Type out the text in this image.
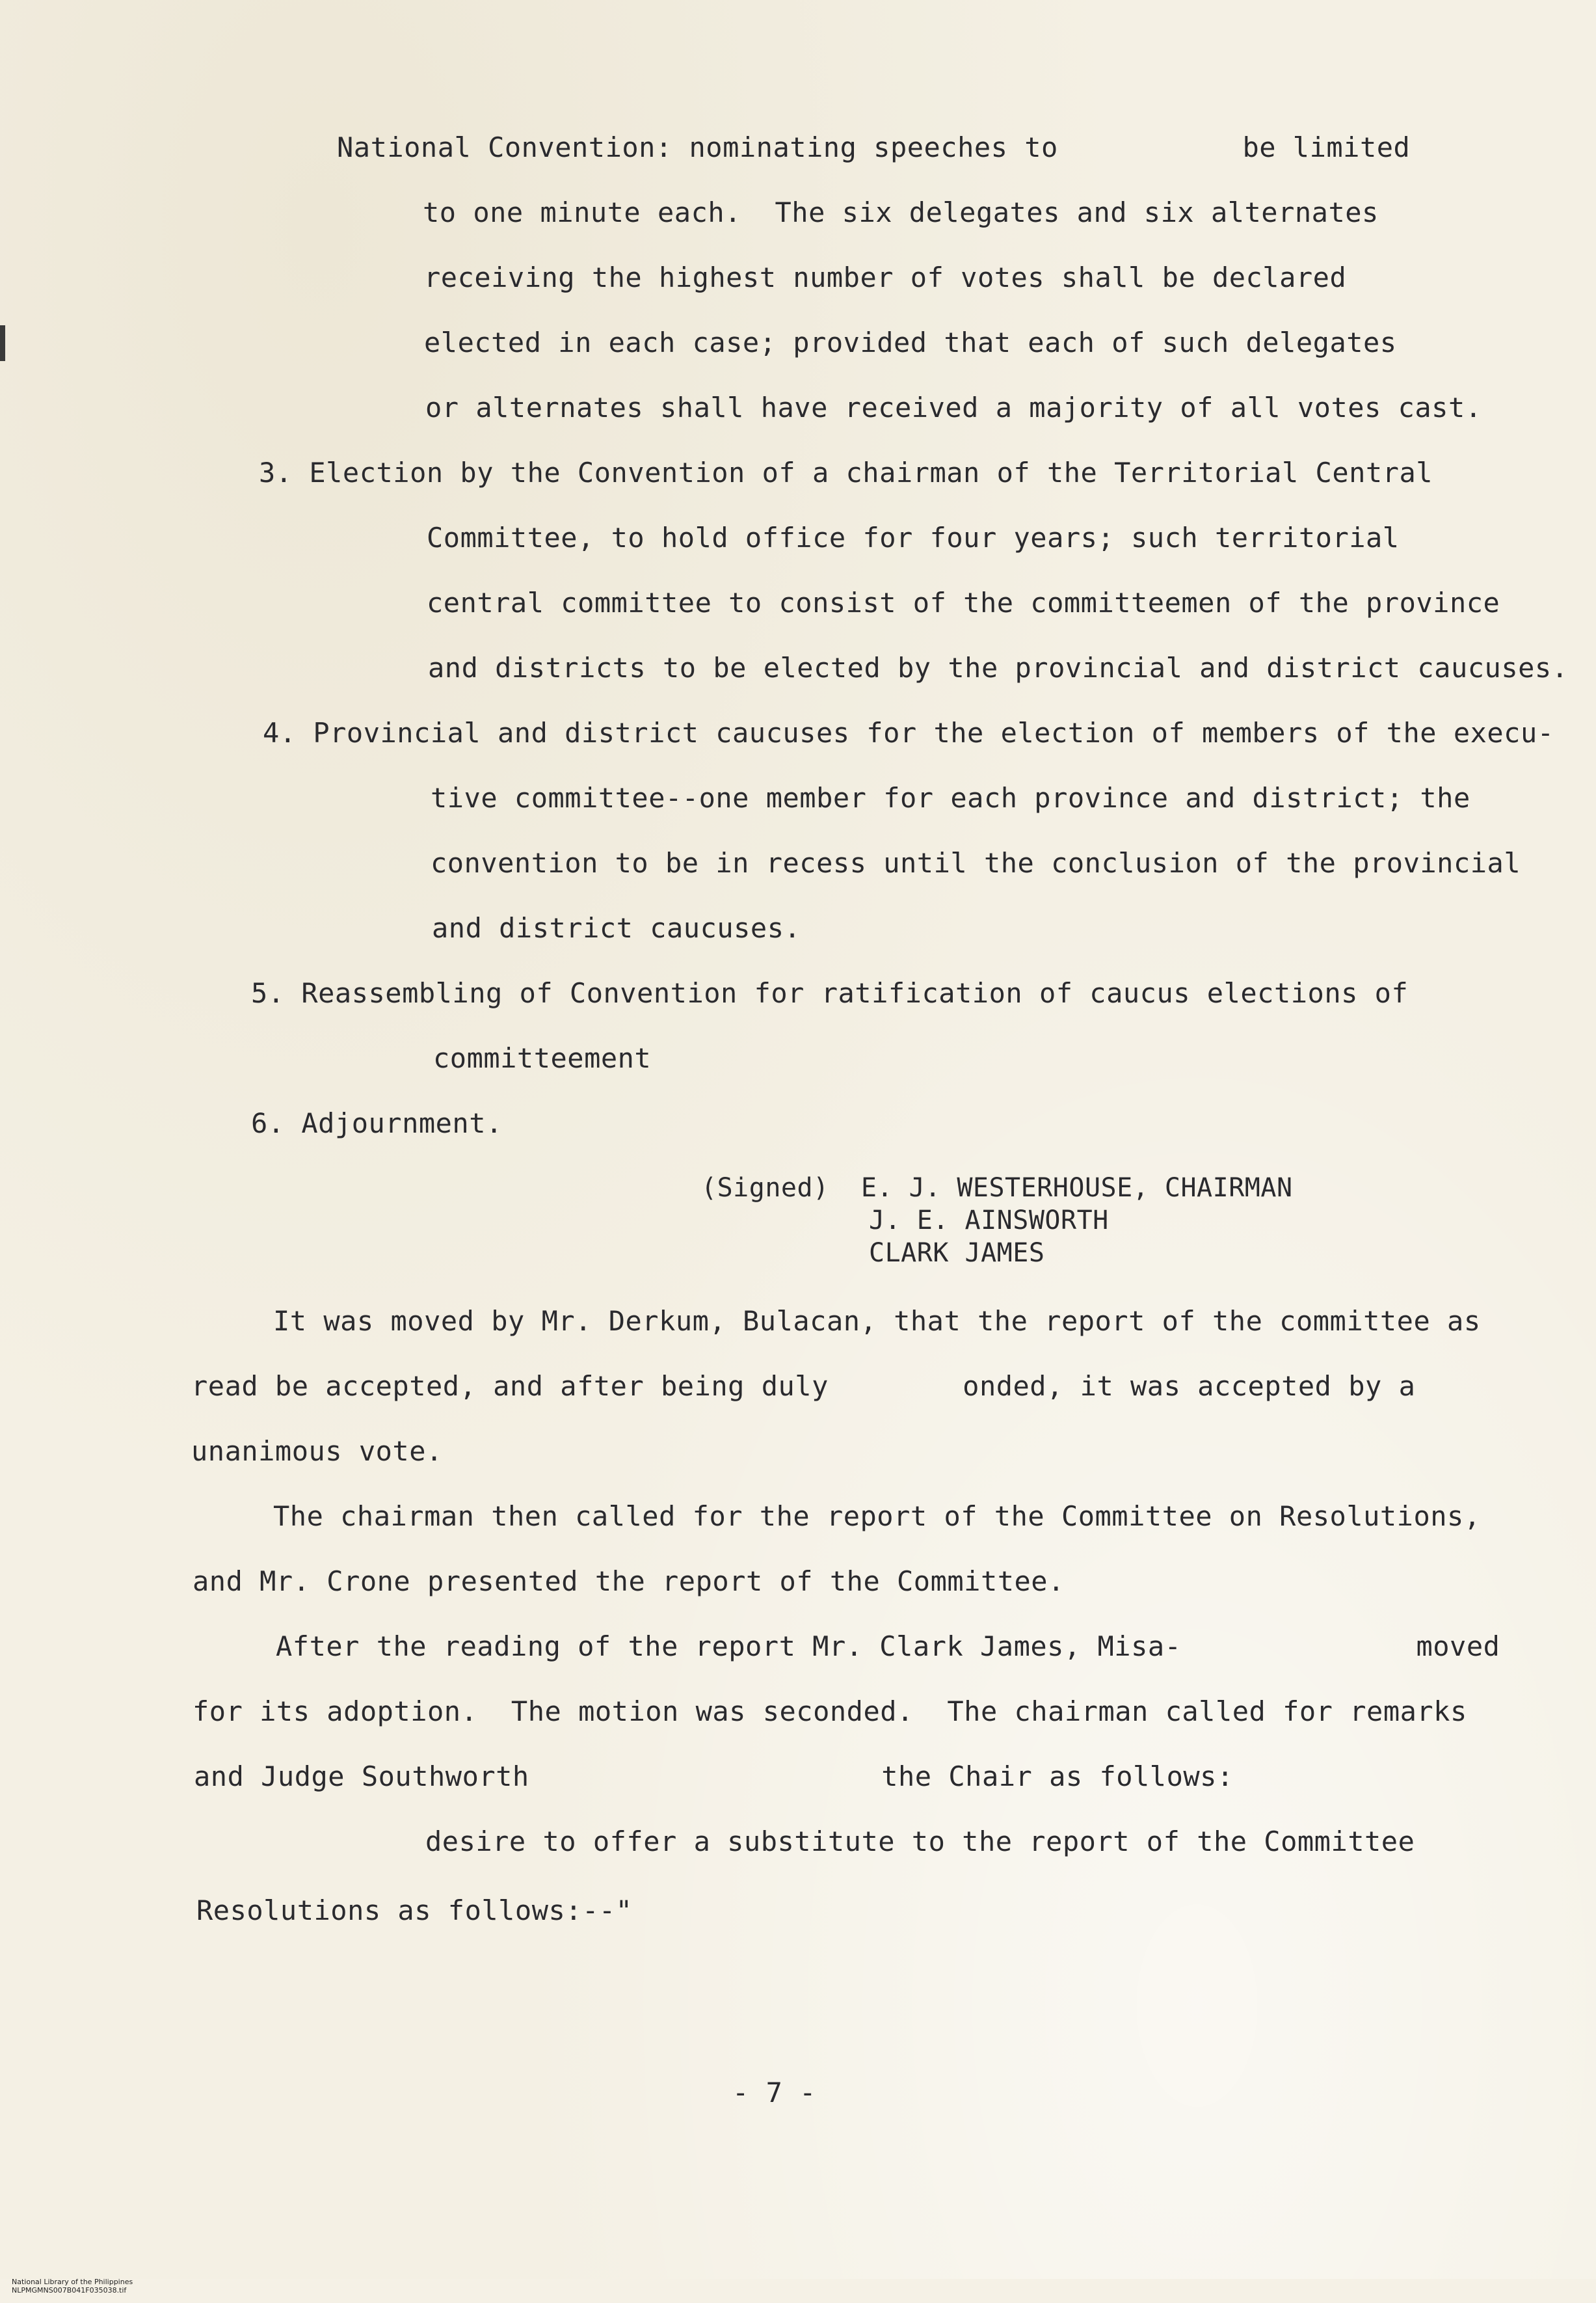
National Convention: nominating speeches to           be limited
to one minute each.  The six delegates and six alternates
receiving the highest number of votes shall be declared
elected in each case; provided that each of such delegates
or alternates shall have received a majority of all votes cast.
3. Election by the Convention of a chairman of the Territorial Central
Committee, to hold office for four years; such territorial
central committee to consist of the committeemen of the province
and districts to be elected by the provincial and district caucuses.
4. Provincial and district caucuses for the election of members of the execu-
tive committee--one member for each province and district; the
convention to be in recess until the conclusion of the provincial
and district caucuses.
5. Reassembling of Convention for ratification of caucus elections of
committeement
6. Adjournment.
(Signed)  E. J. WESTERHOUSE, CHAIRMAN
J. E. AINSWORTH
CLARK JAMES
It was moved by Mr. Derkum, Bulacan, that the report of the committee as
read be accepted, and after being duly        onded, it was accepted by a
unanimous vote.
The chairman then called for the report of the Committee on Resolutions,
and Mr. Crone presented the report of the Committee.
After the reading of the report Mr. Clark James, Misa-              moved
for its adoption.  The motion was seconded.  The chairman called for remarks
and Judge Southworth                     the Chair as follows:
desire to offer a substitute to the report of the Committee
Resolutions as follows:--"
- 7 -

National Library of the Philippines
NLPMGMNS007B041F035038.tif
